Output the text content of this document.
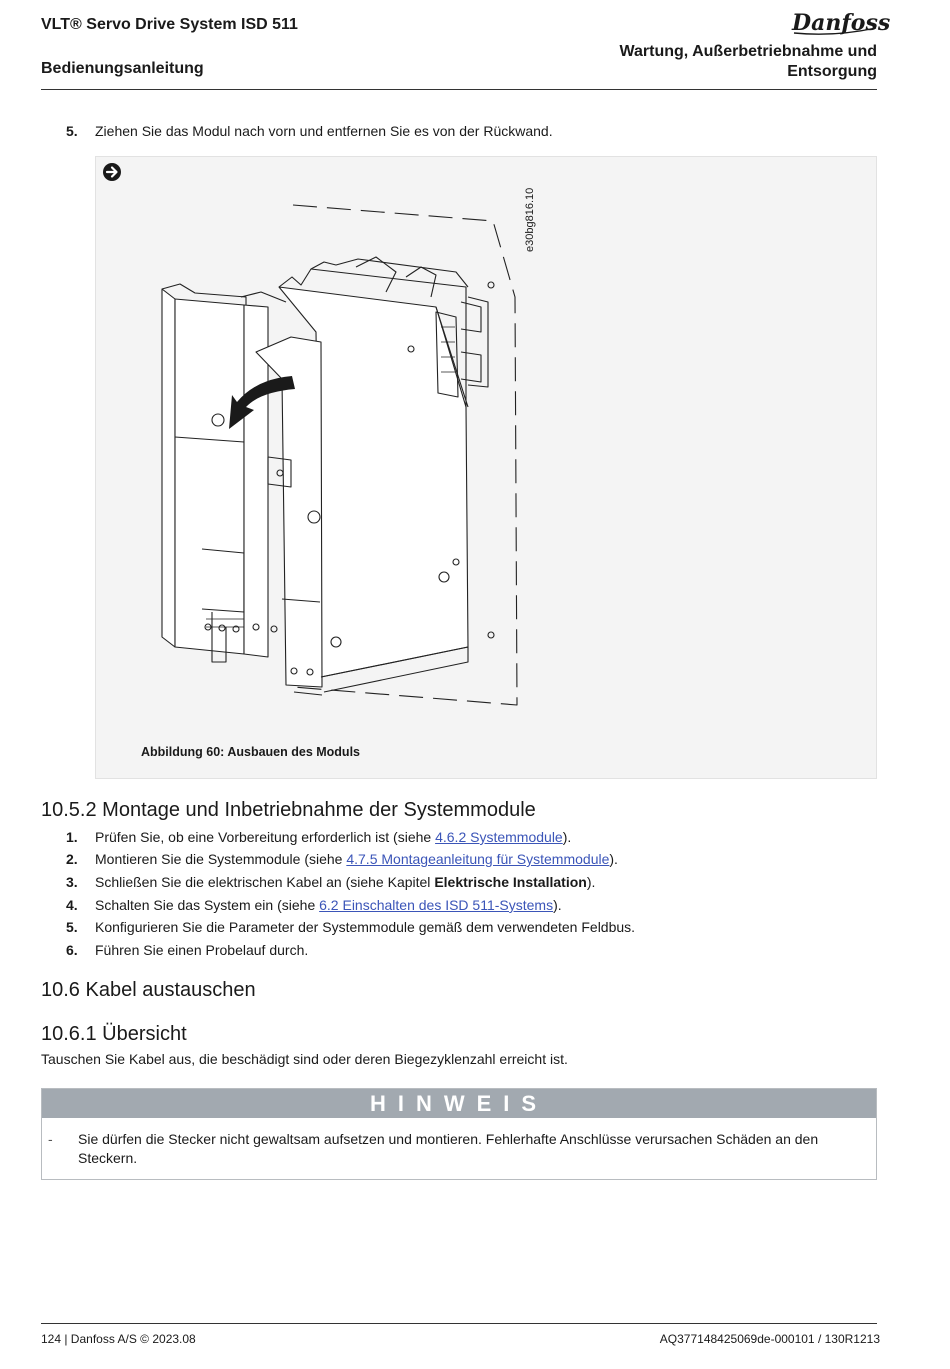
VLT® Servo Drive System ISD 511
Bedienungsanleitung
Danfoss
Wartung, Außerbetriebnahme und
Entsorgung
5. Ziehen Sie das Modul nach vorn und entfernen Sie es von der Rückwand.
e30bg816.10
Abbildung 60: Ausbauen des Moduls
10.5.2 Montage und Inbetriebnahme der Systemmodule
1. Prüfen Sie, ob eine Vorbereitung erforderlich ist (siehe 4.6.2 Systemmodule).
2. Montieren Sie die Systemmodule (siehe 4.7.5 Montageanleitung für Systemmodule).
3. Schließen Sie die elektrischen Kabel an (siehe Kapitel Elektrische Installation).
4. Schalten Sie das System ein (siehe 6.2 Einschalten des ISD 511-Systems).
5. Konfigurieren Sie die Parameter der Systemmodule gemäß dem verwendeten Feldbus.
6. Führen Sie einen Probelauf durch.
10.6 Kabel austauschen
10.6.1 Übersicht
Tauschen Sie Kabel aus, die beschädigt sind oder deren Biegezyklenzahl erreicht ist.
HINWEIS
- Sie dürfen die Stecker nicht gewaltsam aufsetzen und montieren. Fehlerhafte Anschlüsse verursachen Schäden an den Steckern.
124 | Danfoss A/S © 2023.08	AQ377148425069de-000101 / 130R1213
